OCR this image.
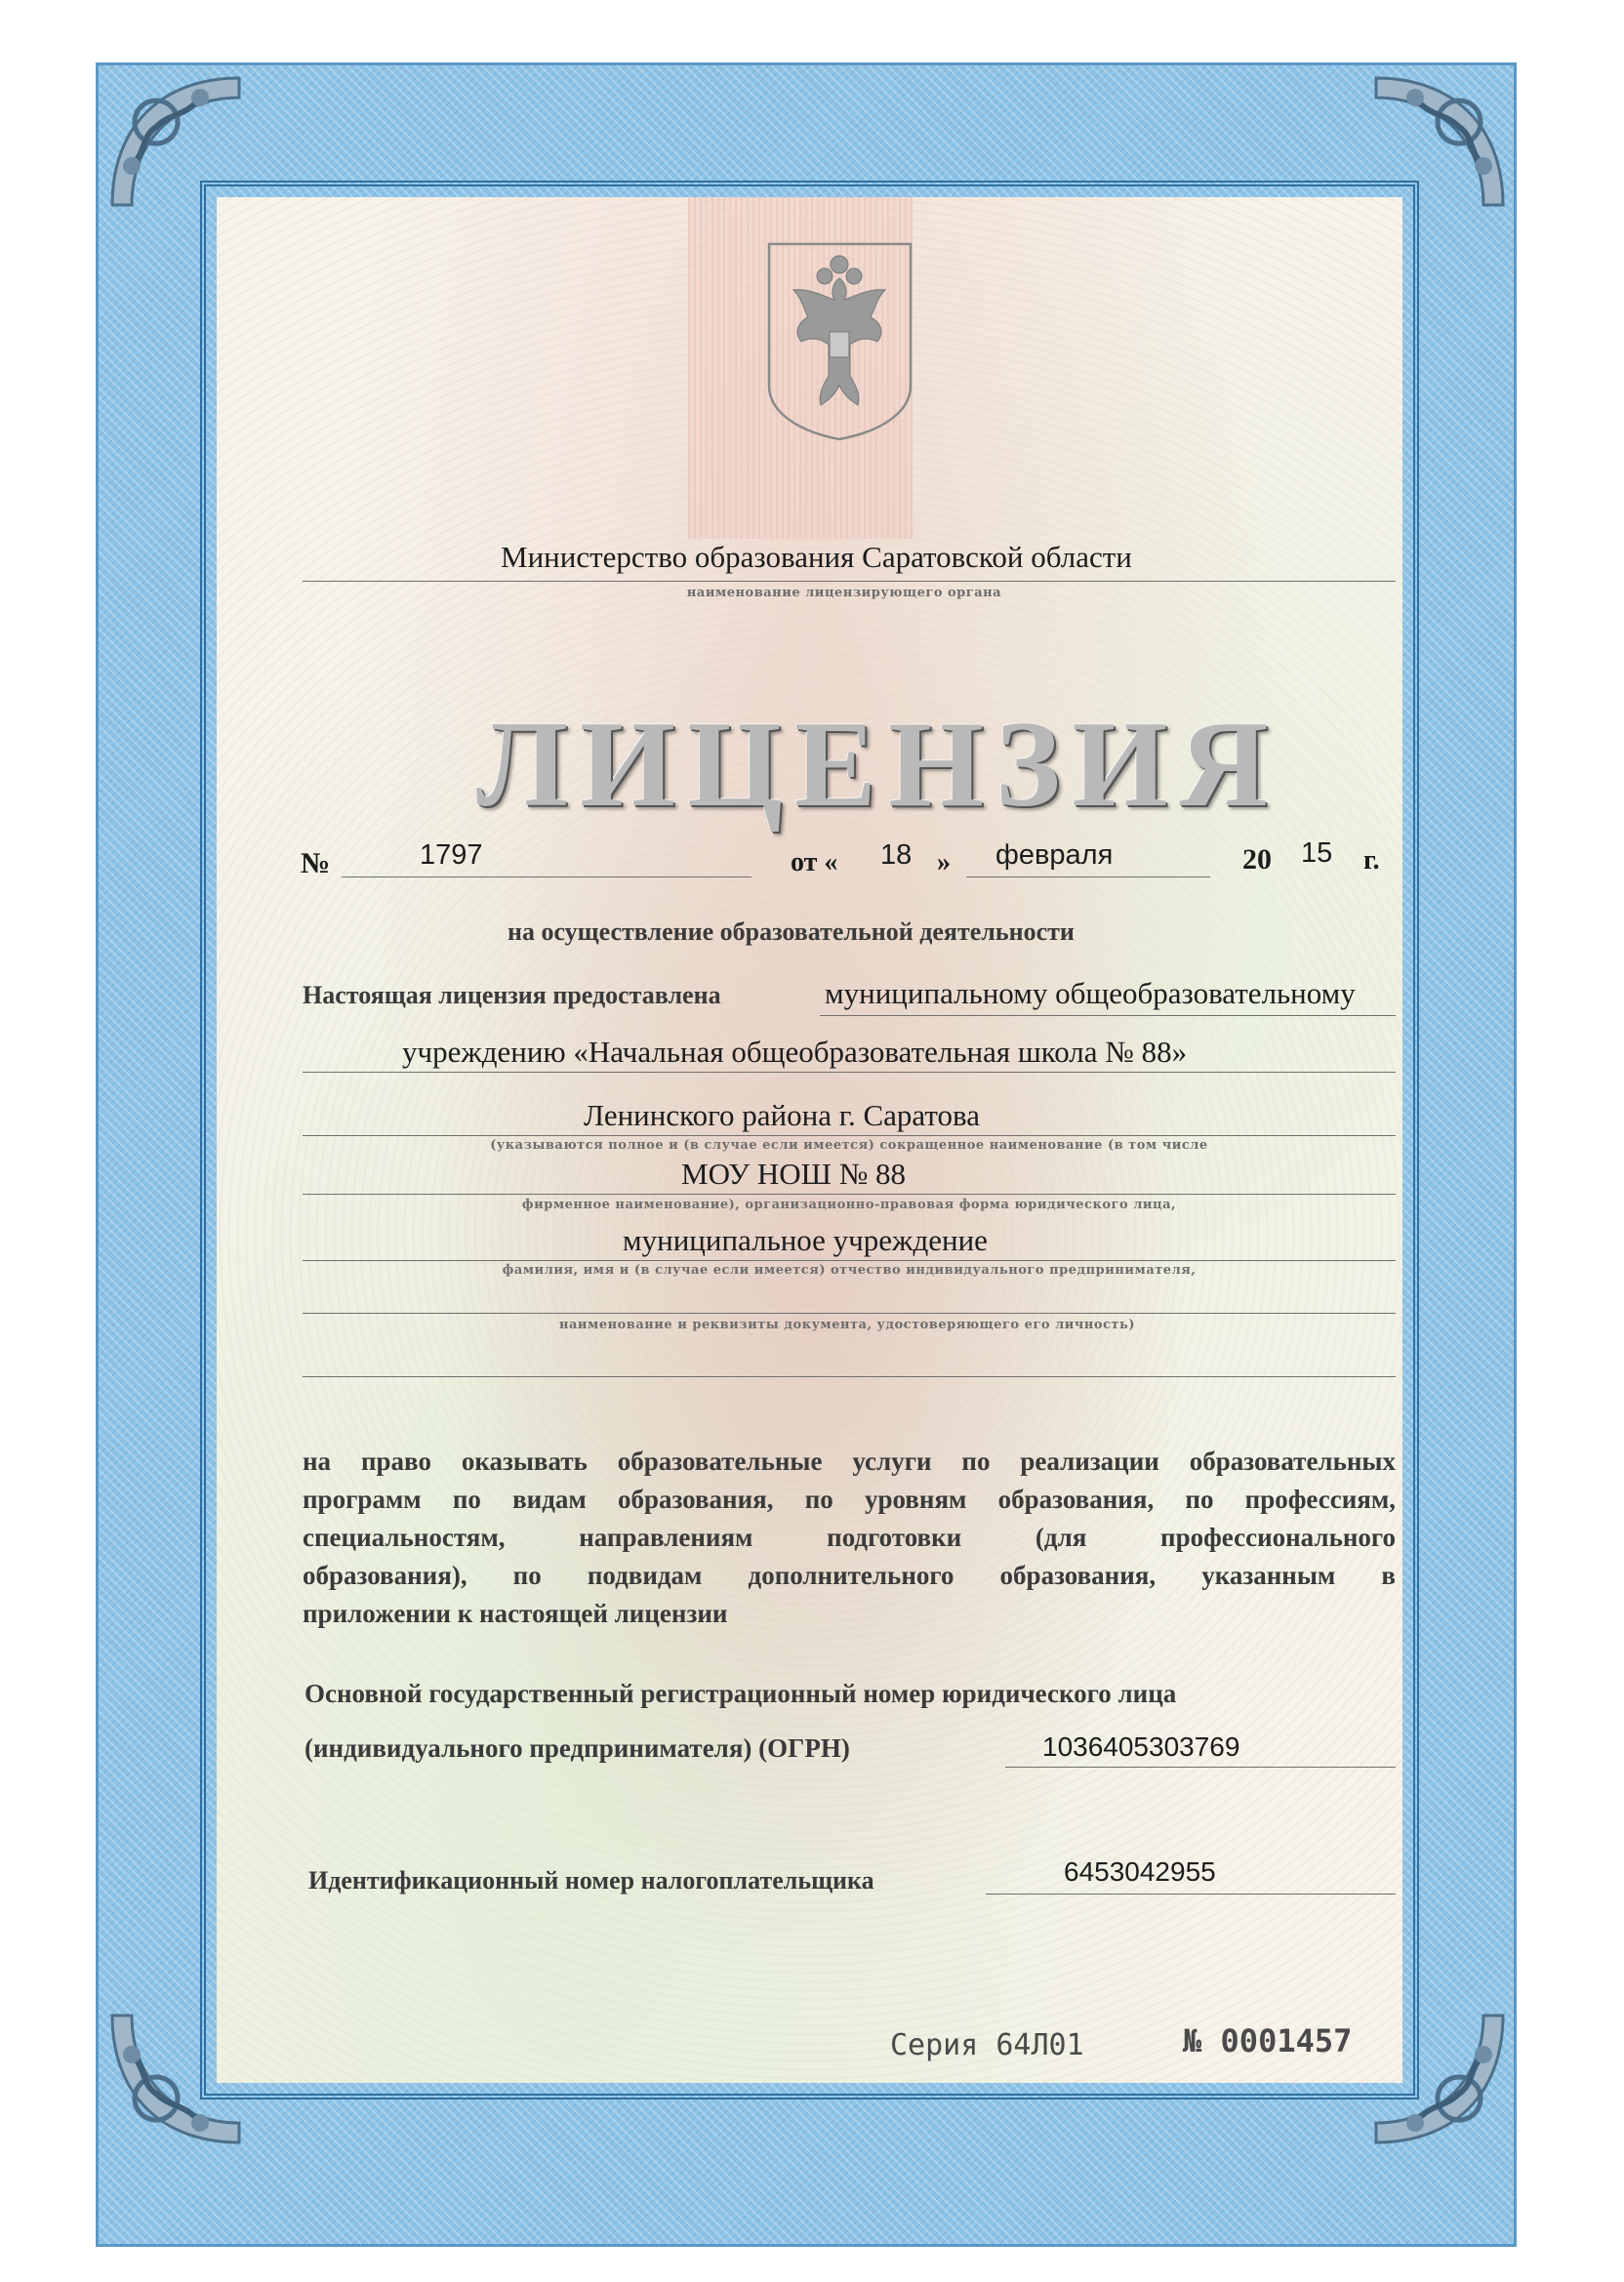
Министерство образования Саратовской области
наименование лицензирующего органа
ЛИЦЕНЗИЯ
№	1797	от « 18 » февраля	20 15 г.
на осуществление образовательной деятельности
Настоящая лицензия предоставлена	муниципальному общеобразовательному
учреждению «Начальная общеобразовательная школа № 88»
Ленинского района г. Саратова
(указываются полное и (в случае если имеется) сокращенное наименование (в том числе
МОУ НОШ № 88
фирменное наименование), организационно-правовая форма юридического лица,
муниципальное учреждение
фамилия, имя и (в случае если имеется) отчество индивидуального предпринимателя,
наименование и реквизиты документа, удостоверяющего его личность)
на право оказывать образовательные услуги по реализации образовательных
программ по видам образования, по уровням образования, по профессиям,
специальностям, направлениям подготовки (для профессионального
образования), по подвидам дополнительного образования, указанным в
приложении к настоящей лицензии
Основной государственный регистрационный номер юридического лица
(индивидуального предпринимателя) (ОГРН)	1036405303769
Идентификационный номер налогоплательщика	6453042955
Серия 64Л01	№ 0001457
